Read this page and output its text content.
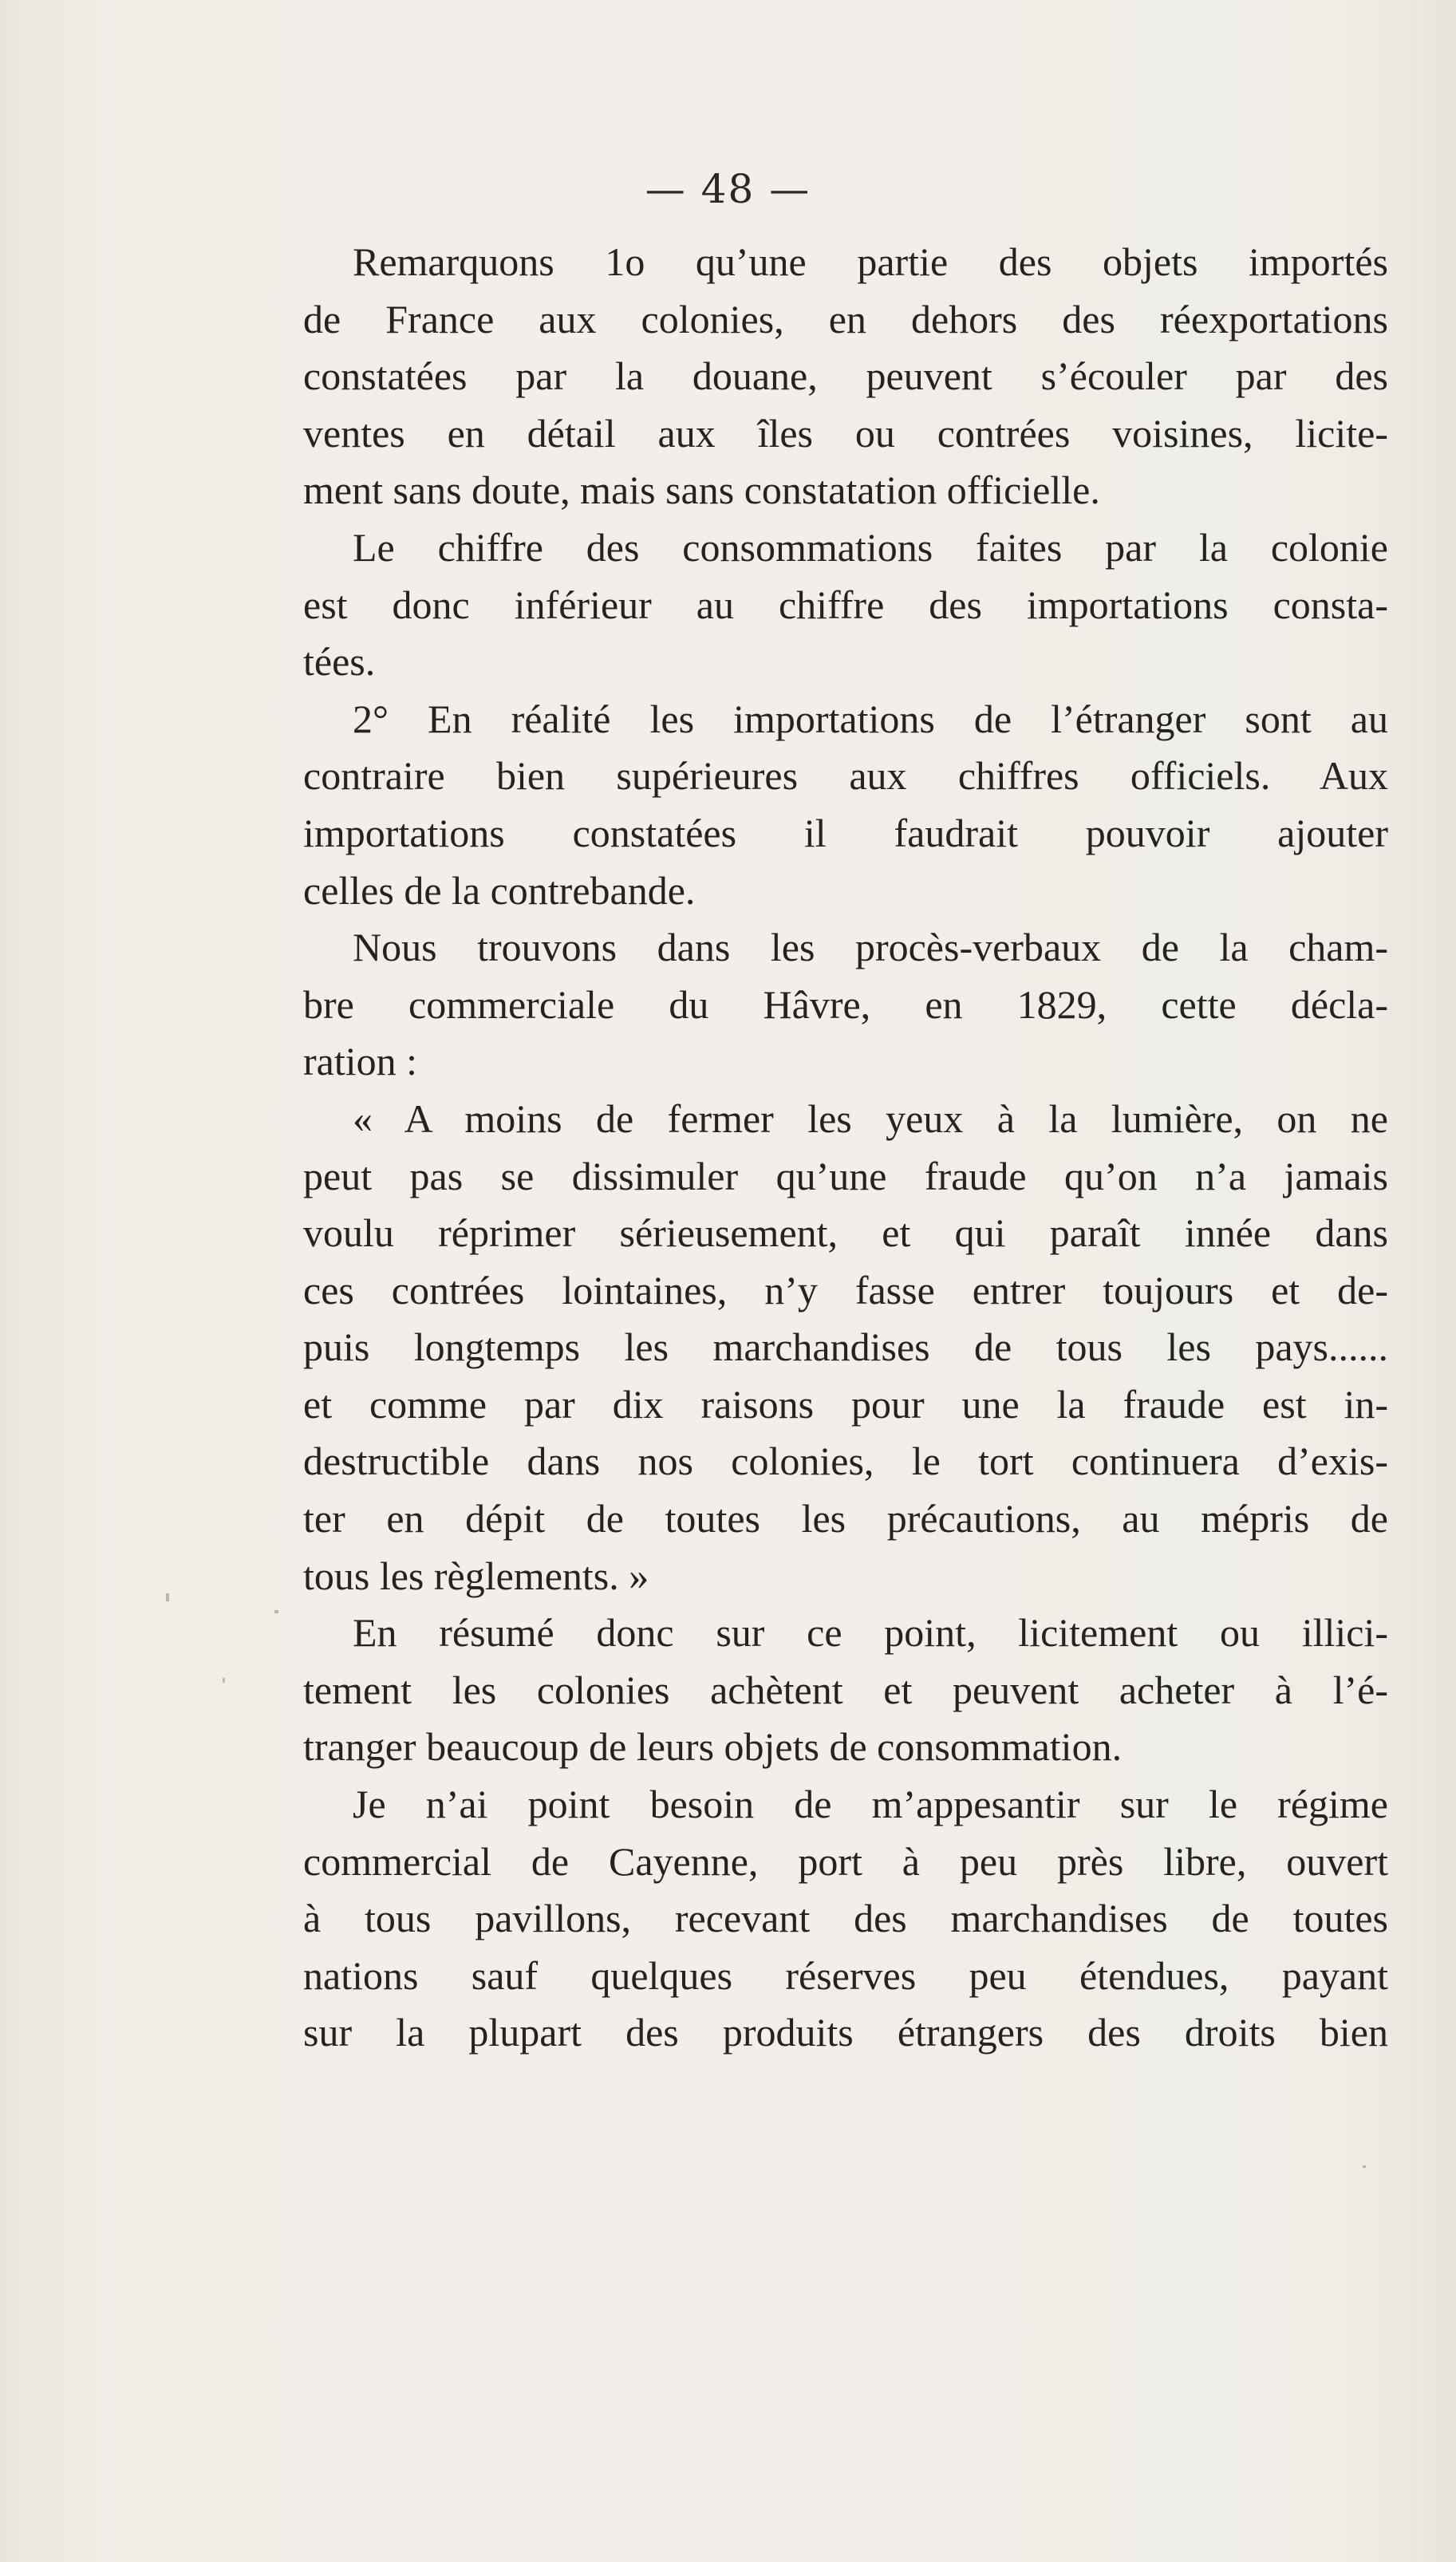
— 48 —
Remarquons 1o qu’une partie des objets importés
de France aux colonies, en dehors des réexportations
constatées par la douane, peuvent s’écouler par des
ventes en détail aux îles ou contrées voisines, licite-
ment sans doute, mais sans constatation officielle.
Le chiffre des consommations faites par la colonie
est donc inférieur au chiffre des importations consta-
tées.
2° En réalité les importations de l’étranger sont au
contraire bien supérieures aux chiffres officiels. Aux
importations constatées il faudrait pouvoir ajouter
celles de la contrebande.
Nous trouvons dans les procès-verbaux de la cham-
bre commerciale du Hâvre, en 1829, cette décla-
ration :
« A moins de fermer les yeux à la lumière, on ne
peut pas se dissimuler qu’une fraude qu’on n’a jamais
voulu réprimer sérieusement, et qui paraît innée dans
ces contrées lointaines, n’y fasse entrer toujours et de-
puis longtemps les marchandises de tous les pays......
et comme par dix raisons pour une la fraude est in-
destructible dans nos colonies, le tort continuera d’exis-
ter en dépit de toutes les précautions, au mépris de
tous les règlements. »
En résumé donc sur ce point, licitement ou illici-
tement les colonies achètent et peuvent acheter à l’é-
tranger beaucoup de leurs objets de consommation.
Je n’ai point besoin de m’appesantir sur le régime
commercial de Cayenne, port à peu près libre, ouvert
à tous pavillons, recevant des marchandises de toutes
nations sauf quelques réserves peu étendues, payant
sur la plupart des produits étrangers des droits bien
